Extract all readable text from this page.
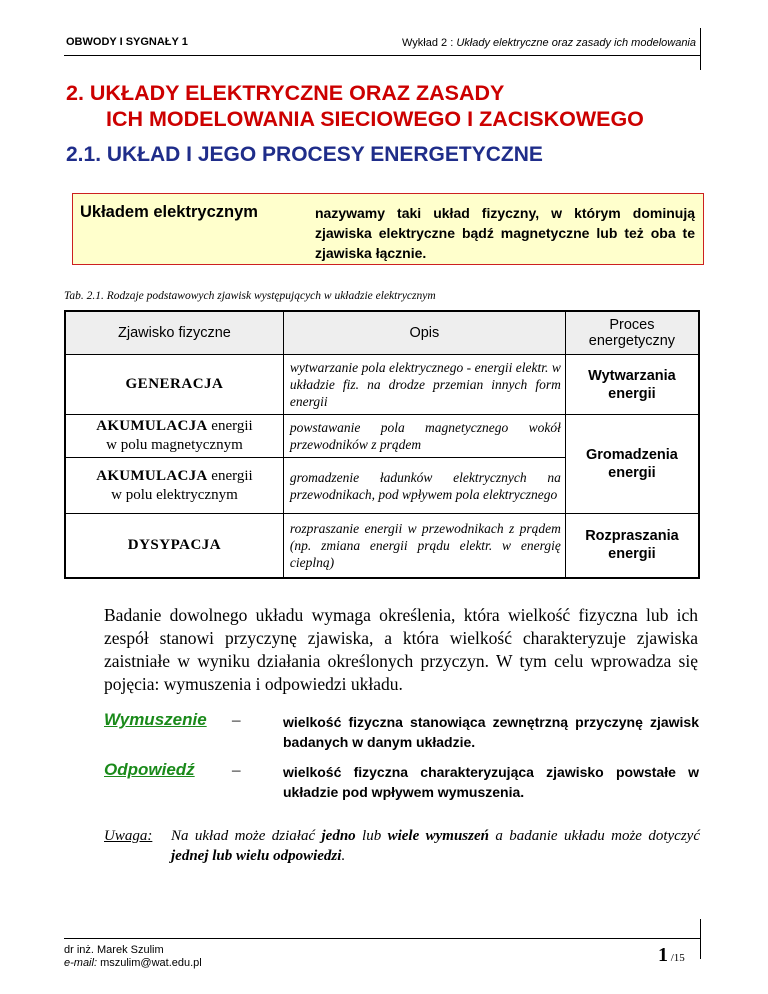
OBWODY I SYGNAŁY 1	Wykład 2 : Układy elektryczne oraz zasady ich modelowania
2. UKŁADY ELEKTRYCZNE ORAZ ZASADY
ICH MODELOWANIA SIECIOWEGO I ZACISKOWEGO
2.1. UKŁAD I JEGO PROCESY ENERGETYCZNE
Układem elektrycznym	nazywamy taki układ fizyczny, w którym dominują zjawiska elektryczne bądź magnetyczne lub też oba te zjawiska łącznie.
Tab. 2.1. Rodzaje podstawowych zjawisk występujących w układzie elektrycznym
Zjawisko fizyczne	Opis	Proces energetyczny
GENERACJA	wytwarzanie pola elektrycznego - energii elektr. w układzie fiz. na drodze przemian innych form energii	Wytwarzania energii
AKUMULACJA energii
w polu magnetycznym	powstawanie pola magnetycznego wokół przewodników z prądem	Gromadzenia energii
AKUMULACJA energii
w polu elektrycznym	gromadzenie ładunków elektrycznych na przewodnikach, pod wpływem pola elektrycznego	
DYSYPACJA	rozpraszanie energii w przewodnikach z prądem (np. zmiana energii prądu elektr. w energię cieplną)	Rozpraszania energii
Badanie dowolnego układu wymaga określenia, która wielkość fizyczna lub ich zespół stanowi przyczynę zjawiska, a która wielkość charakteryzuje zjawiska zaistniałe w wyniku działania określonych przyczyn. W tym celu wprowadza się pojęcia: wymuszenia i odpowiedzi układu.
Wymuszenie –	wielkość fizyczna stanowiąca zewnętrzną przyczynę zjawisk badanych w danym układzie.
Odpowiedź –	wielkość fizyczna charakteryzująca zjawisko powstałe w układzie pod wpływem wymuszenia.
Uwaga: Na układ może działać jedno lub wiele wymuszeń a badanie układu może dotyczyć jednej lub wielu odpowiedzi.
dr inż. Marek Szulim
e-mail: mszulim@wat.edu.pl	1 /15
